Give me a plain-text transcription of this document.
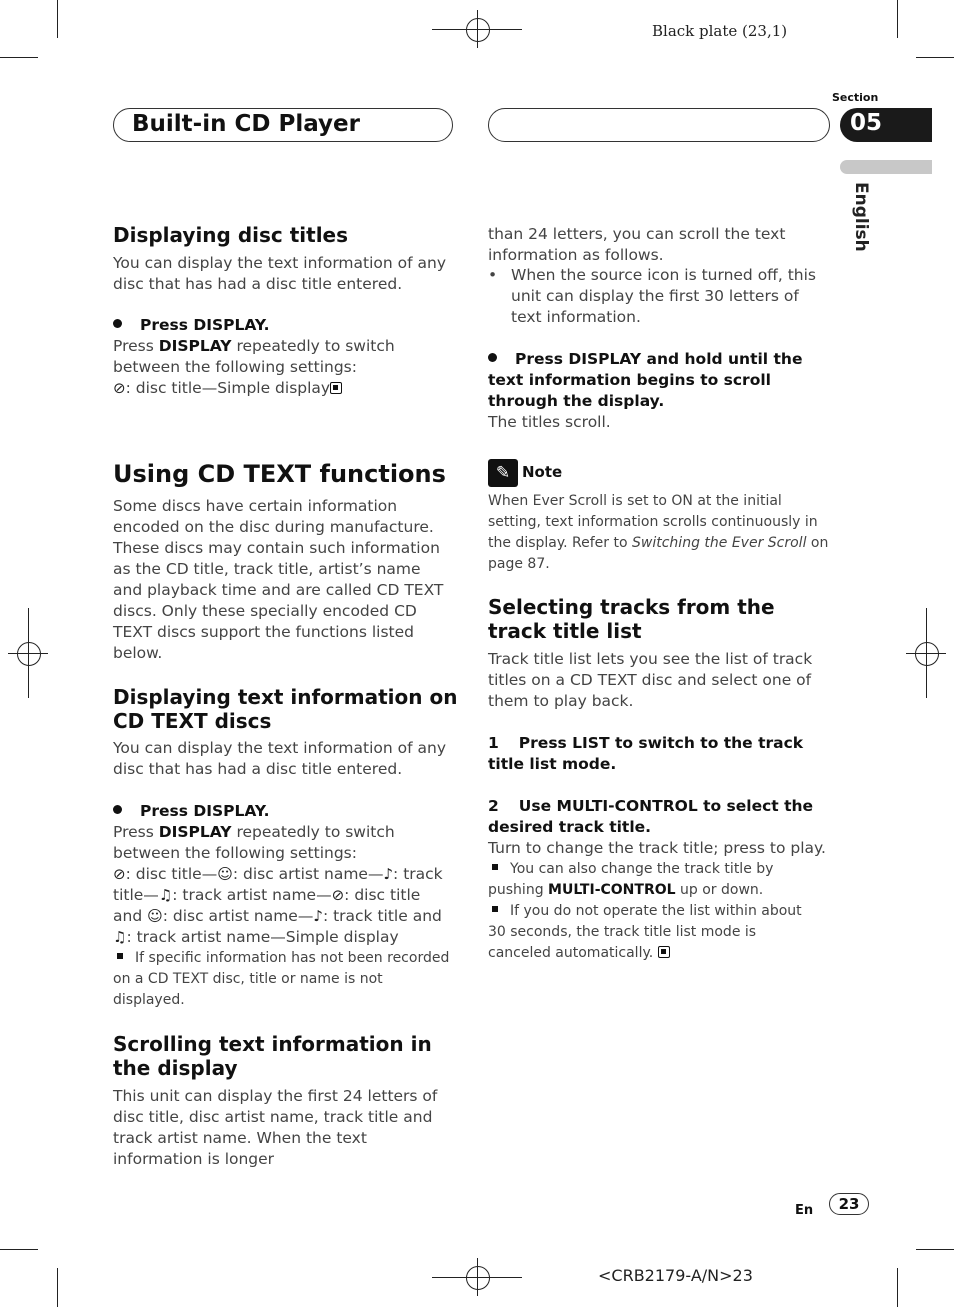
Black plate (23,1)
Built-in CD Player
Section
05
English
Displaying disc titles
You can display the text information of any disc that has had a disc title entered.
Press DISPLAY.
Press DISPLAY repeatedly to switch between the following settings:
⊘: disc title—Simple display
Using CD TEXT functions
Some discs have certain information encoded on the disc during manufacture. These discs may contain such information as the CD title, track title, artist’s name and playback time and are called CD TEXT discs. Only these specially encoded CD TEXT discs support the functions listed below.
Displaying text information on CD TEXT discs
You can display the text information of any disc that has had a disc title entered.
Press DISPLAY.
Press DISPLAY repeatedly to switch between the following settings:
⊘: disc title—☺: disc artist name—♪: track title—♫: track artist name—⊘: disc title and ☺: disc artist name—♪: track title and ♫: track artist name—Simple display
If specific information has not been recorded on a CD TEXT disc, title or name is not displayed.
Scrolling text information in the display
This unit can display the first 24 letters of disc title, disc artist name, track title and track artist name. When the text information is longer
than 24 letters, you can scroll the text information as follows.
• When the source icon is turned off, this unit can display the first 30 letters of text information.
Press DISPLAY and hold until the text information begins to scroll through the display.
The titles scroll.
✎ Note
When Ever Scroll is set to ON at the initial setting, text information scrolls continuously in the display. Refer to Switching the Ever Scroll on page 87.
Selecting tracks from the track title list
Track title list lets you see the list of track titles on a CD TEXT disc and select one of them to play back.
1 Press LIST to switch to the track title list mode.
2 Use MULTI-CONTROL to select the desired track title.
Turn to change the track title; press to play.
You can also change the track title by pushing MULTI-CONTROL up or down.
If you do not operate the list within about 30 seconds, the track title list mode is canceled automatically.
En	23
<CRB2179-A/N>23
